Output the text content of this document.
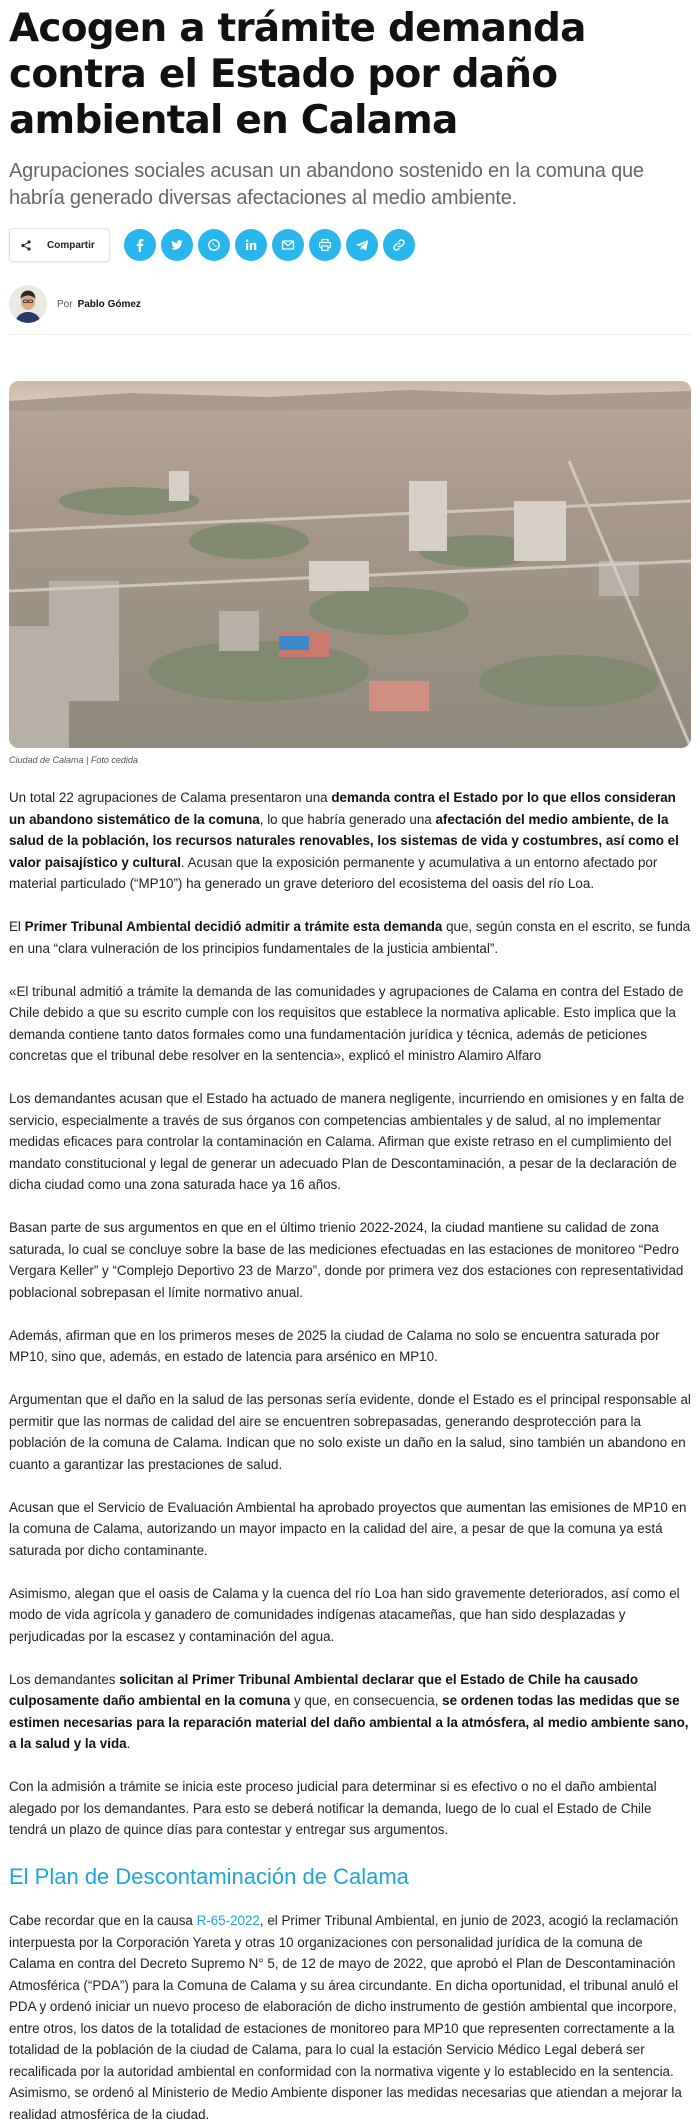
Acogen a trámite demanda contra el Estado por daño ambiental en Calama

Agrupaciones sociales acusan un abandono sostenido en la comuna que habría generado diversas afectaciones al medio ambiente.

Compartir
Por Pablo Gómez

Ciudad de Calama | Foto cedida

Un total 22 agrupaciones de Calama presentaron una demanda contra el Estado por lo que ellos consideran un abandono sistemático de la comuna, lo que habría generado una afectación del medio ambiente, de la salud de la población, los recursos naturales renovables, los sistemas de vida y costumbres, así como el valor paisajístico y cultural. Acusan que la exposición permanente y acumulativa a un entorno afectado por material particulado (“MP10”) ha generado un grave deterioro del ecosistema del oasis del río Loa.

El Primer Tribunal Ambiental decidió admitir a trámite esta demanda que, según consta en el escrito, se funda en una “clara vulneración de los principios fundamentales de la justicia ambiental”.

«El tribunal admitió a trámite la demanda de las comunidades y agrupaciones de Calama en contra del Estado de Chile debido a que su escrito cumple con los requisitos que establece la normativa aplicable. Esto implica que la demanda contiene tanto datos formales como una fundamentación jurídica y técnica, además de peticiones concretas que el tribunal debe resolver en la sentencia», explicó el ministro Alamiro Alfaro

Los demandantes acusan que el Estado ha actuado de manera negligente, incurriendo en omisiones y en falta de servicio, especialmente a través de sus órganos con competencias ambientales y de salud, al no implementar medidas eficaces para controlar la contaminación en Calama. Afirman que existe retraso en el cumplimiento del mandato constitucional y legal de generar un adecuado Plan de Descontaminación, a pesar de la declaración de dicha ciudad como una zona saturada hace ya 16 años.

Basan parte de sus argumentos en que en el último trienio 2022-2024, la ciudad mantiene su calidad de zona saturada, lo cual se concluye sobre la base de las mediciones efectuadas en las estaciones de monitoreo “Pedro Vergara Keller” y “Complejo Deportivo 23 de Marzo”, donde por primera vez dos estaciones con representatividad poblacional sobrepasan el límite normativo anual.

Además, afirman que en los primeros meses de 2025 la ciudad de Calama no solo se encuentra saturada por MP10, sino que, además, en estado de latencia para arsénico en MP10.

Argumentan que el daño en la salud de las personas sería evidente, donde el Estado es el principal responsable al permitir que las normas de calidad del aire se encuentren sobrepasadas, generando desprotección para la población de la comuna de Calama. Indican que no solo existe un daño en la salud, sino también un abandono en cuanto a garantizar las prestaciones de salud.

Acusan que el Servicio de Evaluación Ambiental ha aprobado proyectos que aumentan las emisiones de MP10 en la comuna de Calama, autorizando un mayor impacto en la calidad del aire, a pesar de que la comuna ya está saturada por dicho contaminante.

Asimismo, alegan que el oasis de Calama y la cuenca del río Loa han sido gravemente deteriorados, así como el modo de vida agrícola y ganadero de comunidades indígenas atacameñas, que han sido desplazadas y perjudicadas por la escasez y contaminación del agua.

Los demandantes solicitan al Primer Tribunal Ambiental declarar que el Estado de Chile ha causado culposamente daño ambiental en la comuna y que, en consecuencia, se ordenen todas las medidas que se estimen necesarias para la reparación material del daño ambiental a la atmósfera, al medio ambiente sano, a la salud y la vida.

Con la admisión a trámite se inicia este proceso judicial para determinar si es efectivo o no el daño ambiental alegado por los demandantes. Para esto se deberá notificar la demanda, luego de lo cual el Estado de Chile tendrá un plazo de quince días para contestar y entregar sus argumentos.

El Plan de Descontaminación de Calama

Cabe recordar que en la causa R-65-2022, el Primer Tribunal Ambiental, en junio de 2023, acogió la reclamación interpuesta por la Corporación Yareta y otras 10 organizaciones con personalidad jurídica de la comuna de Calama en contra del Decreto Supremo N° 5, de 12 de mayo de 2022, que aprobó el Plan de Descontaminación Atmosférica (“PDA”) para la Comuna de Calama y su área circundante. En dicha oportunidad, el tribunal anuló el PDA y ordenó iniciar un nuevo proceso de elaboración de dicho instrumento de gestión ambiental que incorpore, entre otros, los datos de la totalidad de estaciones de monitoreo para MP10 que representen correctamente a la totalidad de la población de la ciudad de Calama, para lo cual la estación Servicio Médico Legal deberá ser recalificada por la autoridad ambiental en conformidad con la normativa vigente y lo establecido en la sentencia. Asimismo, se ordenó al Ministerio de Medio Ambiente disponer las medidas necesarias que atiendan a mejorar la realidad atmosférica de la ciudad.
